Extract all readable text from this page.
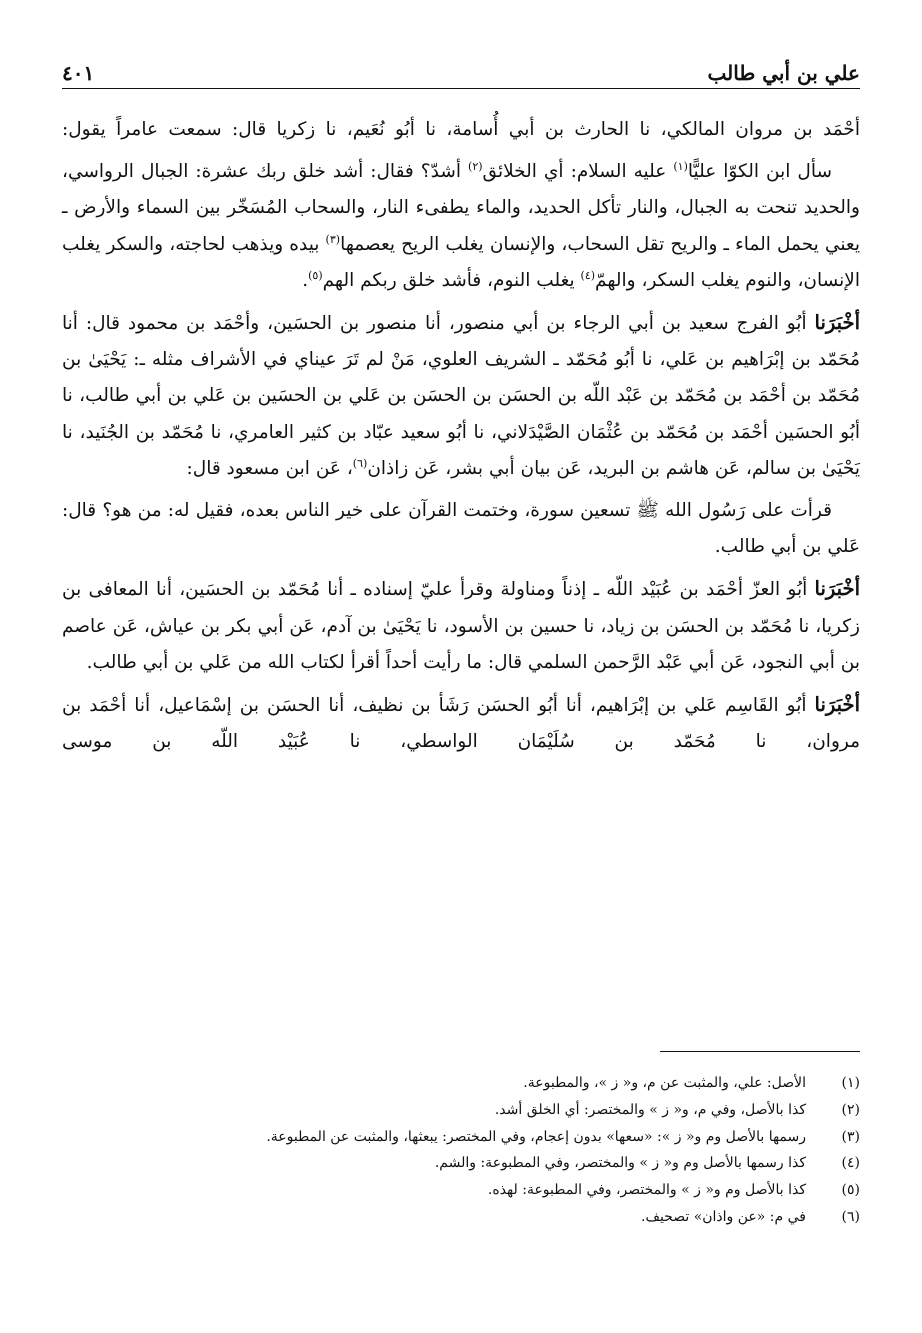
علي بن أبي طالب
٤٠١

أحْمَد بن مروان المالكي، نا الحارث بن أبي أُسامة، نا أبُو نُعَيم، نا زكريا قال: سمعت عامراً يقول:

سأل ابن الكوّا عليًّا$^{(١)}$ عليه السلام: أي الخلائق$^{(٢)}$ أشدّ؟ فقال: أشد خلق ربك عشرة: الجبال الرواسي، والحديد تنحت به الجبال، والنار تأكل الحديد، والماء يطفىء النار، والسحاب المُسَخّر بين السماء والأرض ـ يعني يحمل الماء ـ والريح تقل السحاب، والإنسان يغلب الريح يعصمها$^{(٣)}$ بيده ويذهب لحاجته، والسكر يغلب الإنسان، والنوم يغلب السكر، والهمّ$^{(٤)}$ يغلب النوم، فأشد خلق ربكم الهم$^{(٥)}$.

أخْبَرَنا أبُو الفرج سعيد بن أبي الرجاء بن أبي منصور، أنا منصور بن الحسَين، وأحْمَد بن محمود قال: أنا مُحَمّد بن إبْرَاهيم بن عَلي، نا أبُو مُحَمّد ـ الشريف العلوي، مَنْ لم تَرَ عيناي في الأشراف مثله ـ: يَحْيَىٰ بن مُحَمّد بن أحْمَد بن مُحَمّد بن عَبْد اللّه بن الحسَن بن الحسَن بن عَلي بن الحسَين بن عَلي بن أبي طالب، نا أبُو الحسَين أحْمَد بن مُحَمّد بن عُثْمَان الصَّيْدَلاني، نا أبُو سعيد عبّاد بن كثير العامري، نا مُحَمّد بن الجُنَيد، نا يَحْيَىٰ بن سالم، عَن هاشم بن البريد، عَن بيان أبي بشر، عَن زاذان$^{(٦)}$، عَن ابن مسعود قال:

قرأت على رَسُول الله ﷺ تسعين سورة، وختمت القرآن على خير الناس بعده، فقيل له: من هو؟ قال: عَلي بن أبي طالب.

أخْبَرَنا أبُو العزّ أحْمَد بن عُبَيْد اللّه ـ إذناً ومناولة وقرأ عليّ إسناده ـ أنا مُحَمّد بن الحسَين، أنا المعافى بن زكريا، نا مُحَمّد بن الحسَن بن زياد، نا حسين بن الأسود، نا يَحْيَىٰ بن آدم، عَن أبي بكر بن عياش، عَن عاصم بن أبي النجود، عَن أبي عَبْد الرَّحمن السلمي قال: ما رأيت أحداً أقرأ لكتاب الله من عَلي بن أبي طالب.

أخْبَرَنا أبُو القَاسِم عَلي بن إبْرَاهيم، أنا أبُو الحسَن رَشَأ بن نظيف، أنا الحسَن بن إسْمَاعيل، أنا أحْمَد بن مروان، نا مُحَمّد بن سُلَيْمَان الواسطي، نا عُبَيْد اللّه بن موسى

(١)
الأصل: علي، والمثبت عن م، و« ز »، والمطبوعة.
(٢)
كذا بالأصل، وفي م، و« ز » والمختصر: أي الخلق أشد.
(٣)
رسمها بالأصل وم و« ز »: «سعها» بدون إعجام، وفي المختصر: يبعثها، والمثبت عن المطبوعة.
(٤)
كذا رسمها بالأصل وم و« ز » والمختصر، وفي المطبوعة: والشم.
(٥)
كذا بالأصل وم و« ز » والمختصر، وفي المطبوعة: لهذه.
(٦)
في م: «عن واذان» تصحيف.
